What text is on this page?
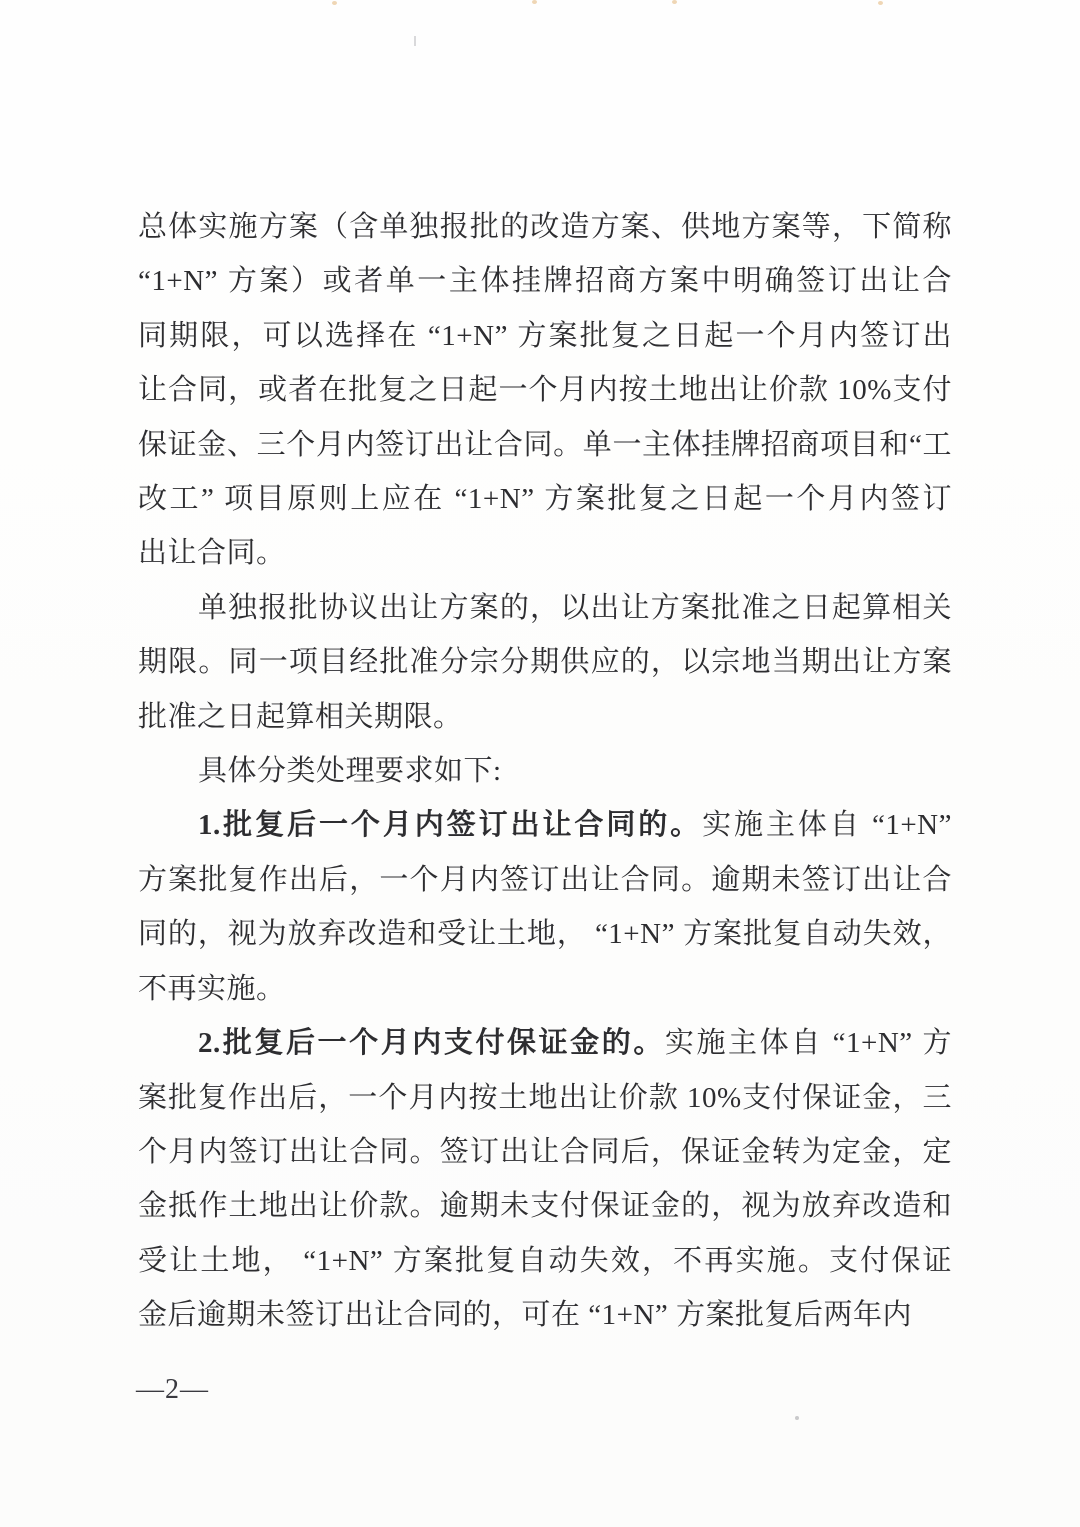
总体实施方案（含单独报批的改造方案、供地方案等，下简称
“1+N” 方案）或者单一主体挂牌招商方案中明确签订出让合
同期限，可以选择在 “1+N” 方案批复之日起一个月内签订出
让合同，或者在批复之日起一个月内按土地出让价款 10%支付
保证金、三个月内签订出让合同。单一主体挂牌招商项目和“工
改工” 项目原则上应在 “1+N” 方案批复之日起一个月内签订
出让合同。
单独报批协议出让方案的，以出让方案批准之日起算相关
期限。同一项目经批准分宗分期供应的，以宗地当期出让方案
批准之日起算相关期限。
具体分类处理要求如下:
1.批复后一个月内签订出让合同的。实施主体自 “1+N”
方案批复作出后，一个月内签订出让合同。逾期未签订出让合
同的，视为放弃改造和受让土地， “1+N” 方案批复自动失效，
不再实施。
2.批复后一个月内支付保证金的。实施主体自 “1+N” 方
案批复作出后，一个月内按土地出让价款 10%支付保证金，三
个月内签订出让合同。签订出让合同后，保证金转为定金，定
金抵作土地出让价款。逾期未支付保证金的，视为放弃改造和
受让土地， “1+N” 方案批复自动失效，不再实施。支付保证
金后逾期未签订出让合同的，可在 “1+N” 方案批复后两年内
—2—
